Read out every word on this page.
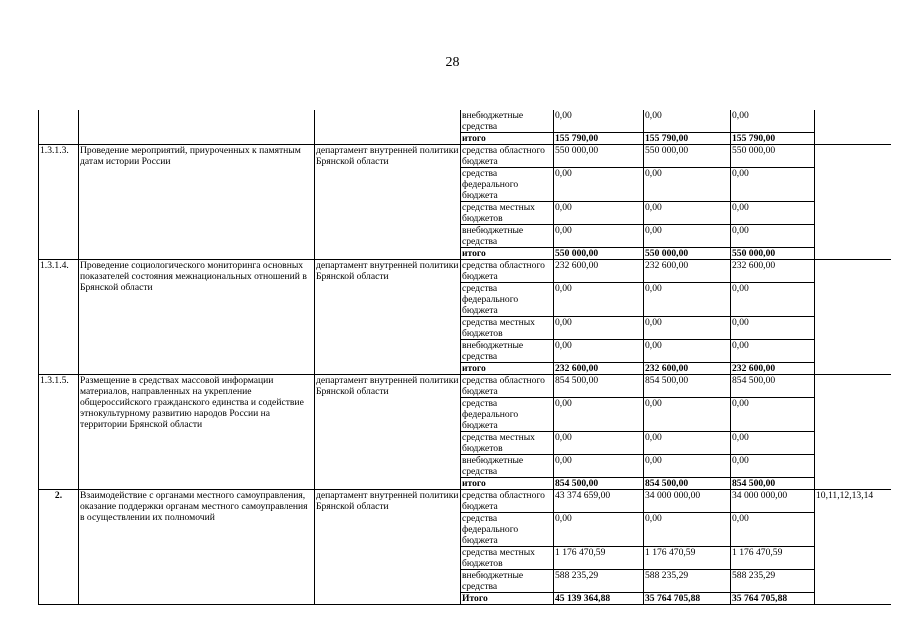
28
			внебюджетные средства	0,00	0,00	0,00	
			итого	155 790,00	155 790,00	155 790,00	
1.3.1.3.	Проведение мероприятий, приуроченных к памятным датам истории России	департамент внутренней политики Брянской области	средства областного бюджета	550 000,00	550 000,00	550 000,00	
			средства федерального бюджета	0,00	0,00	0,00	
			средства местных бюджетов	0,00	0,00	0,00	
			внебюджетные средства	0,00	0,00	0,00	
			итого	550 000,00	550 000,00	550 000,00	
1.3.1.4.	Проведение социологического мониторинга основных показателей состояния межнациональных отношений в Брянской области	департамент внутренней политики Брянской области	средства областного бюджета	232 600,00	232 600,00	232 600,00	
			средства федерального бюджета	0,00	0,00	0,00	
			средства местных бюджетов	0,00	0,00	0,00	
			внебюджетные средства	0,00	0,00	0,00	
			итого	232 600,00	232 600,00	232 600,00	
1.3.1.5.	Размещение в средствах массовой информации материалов, направленных на укрепление общероссийского гражданского единства и содействие этнокультурному развитию народов России на территории Брянской области	департамент внутренней политики Брянской области	средства областного бюджета	854 500,00	854 500,00	854 500,00	
			средства федерального бюджета	0,00	0,00	0,00	
			средства местных бюджетов	0,00	0,00	0,00	
			внебюджетные средства	0,00	0,00	0,00	
			итого	854 500,00	854 500,00	854 500,00	
2.	Взаимодействие с органами местного самоуправления, оказание поддержки органам местного самоуправления в осуществлении их полномочий	департамент внутренней политики Брянской области	средства областного бюджета	43 374 659,00	34 000 000,00	34 000 000,00	10,11,12,13,14
			средства федерального бюджета	0,00	0,00	0,00	
			средства местных бюджетов	1 176 470,59	1 176 470,59	1 176 470,59	
			внебюджетные средства	588 235,29	588 235,29	588 235,29	
			Итого	45 139 364,88	35 764 705,88	35 764 705,88	
